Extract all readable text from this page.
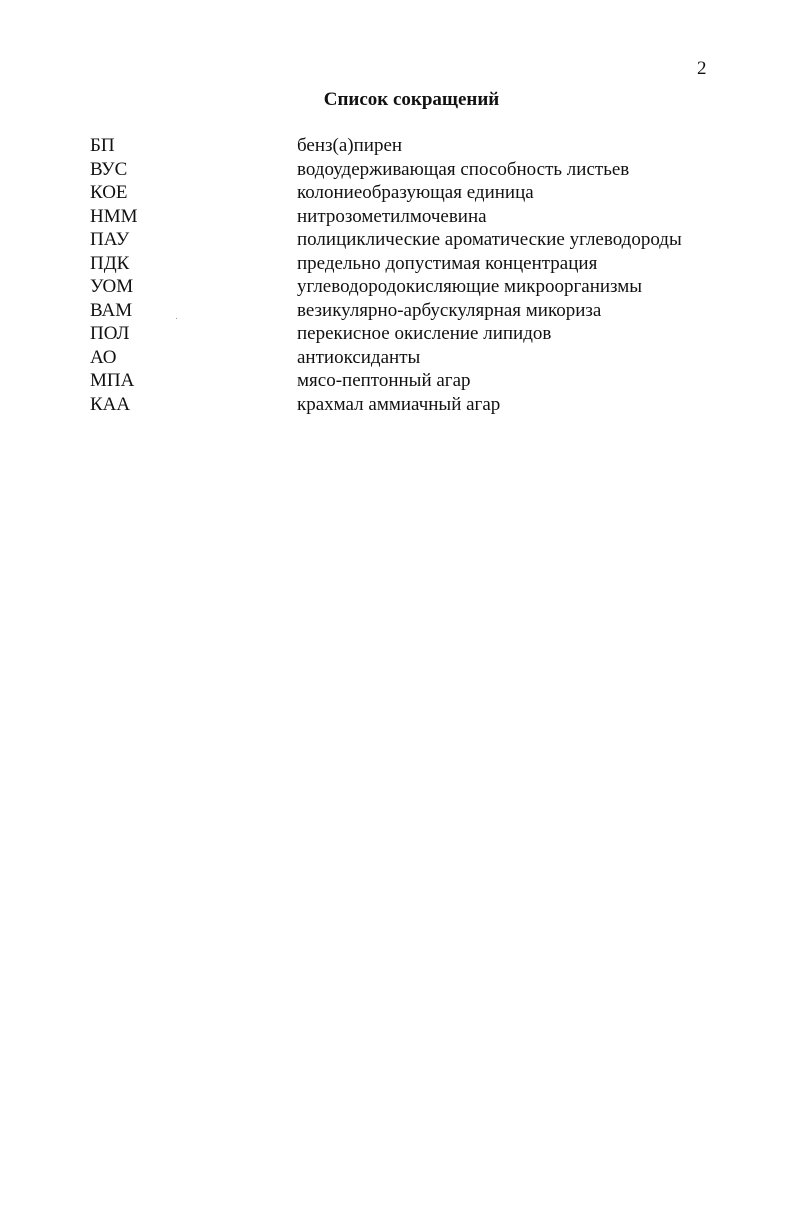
2
Список сокращений
БП	бенз(а)пирен
ВУС	водоудерживающая способность листьев
КОЕ	колониеобразующая единица
НММ	нитрозометилмочевина
ПАУ	полициклические ароматические углеводороды
ПДК	предельно допустимая концентрация
УОМ	углеводородокисляющие микроорганизмы
ВАМ	везикулярно-арбускулярная микориза
ПОЛ	перекисное окисление липидов
АО	антиоксиданты
МПА	мясо-пептонный агар
КАА	крахмал аммиачный агар
